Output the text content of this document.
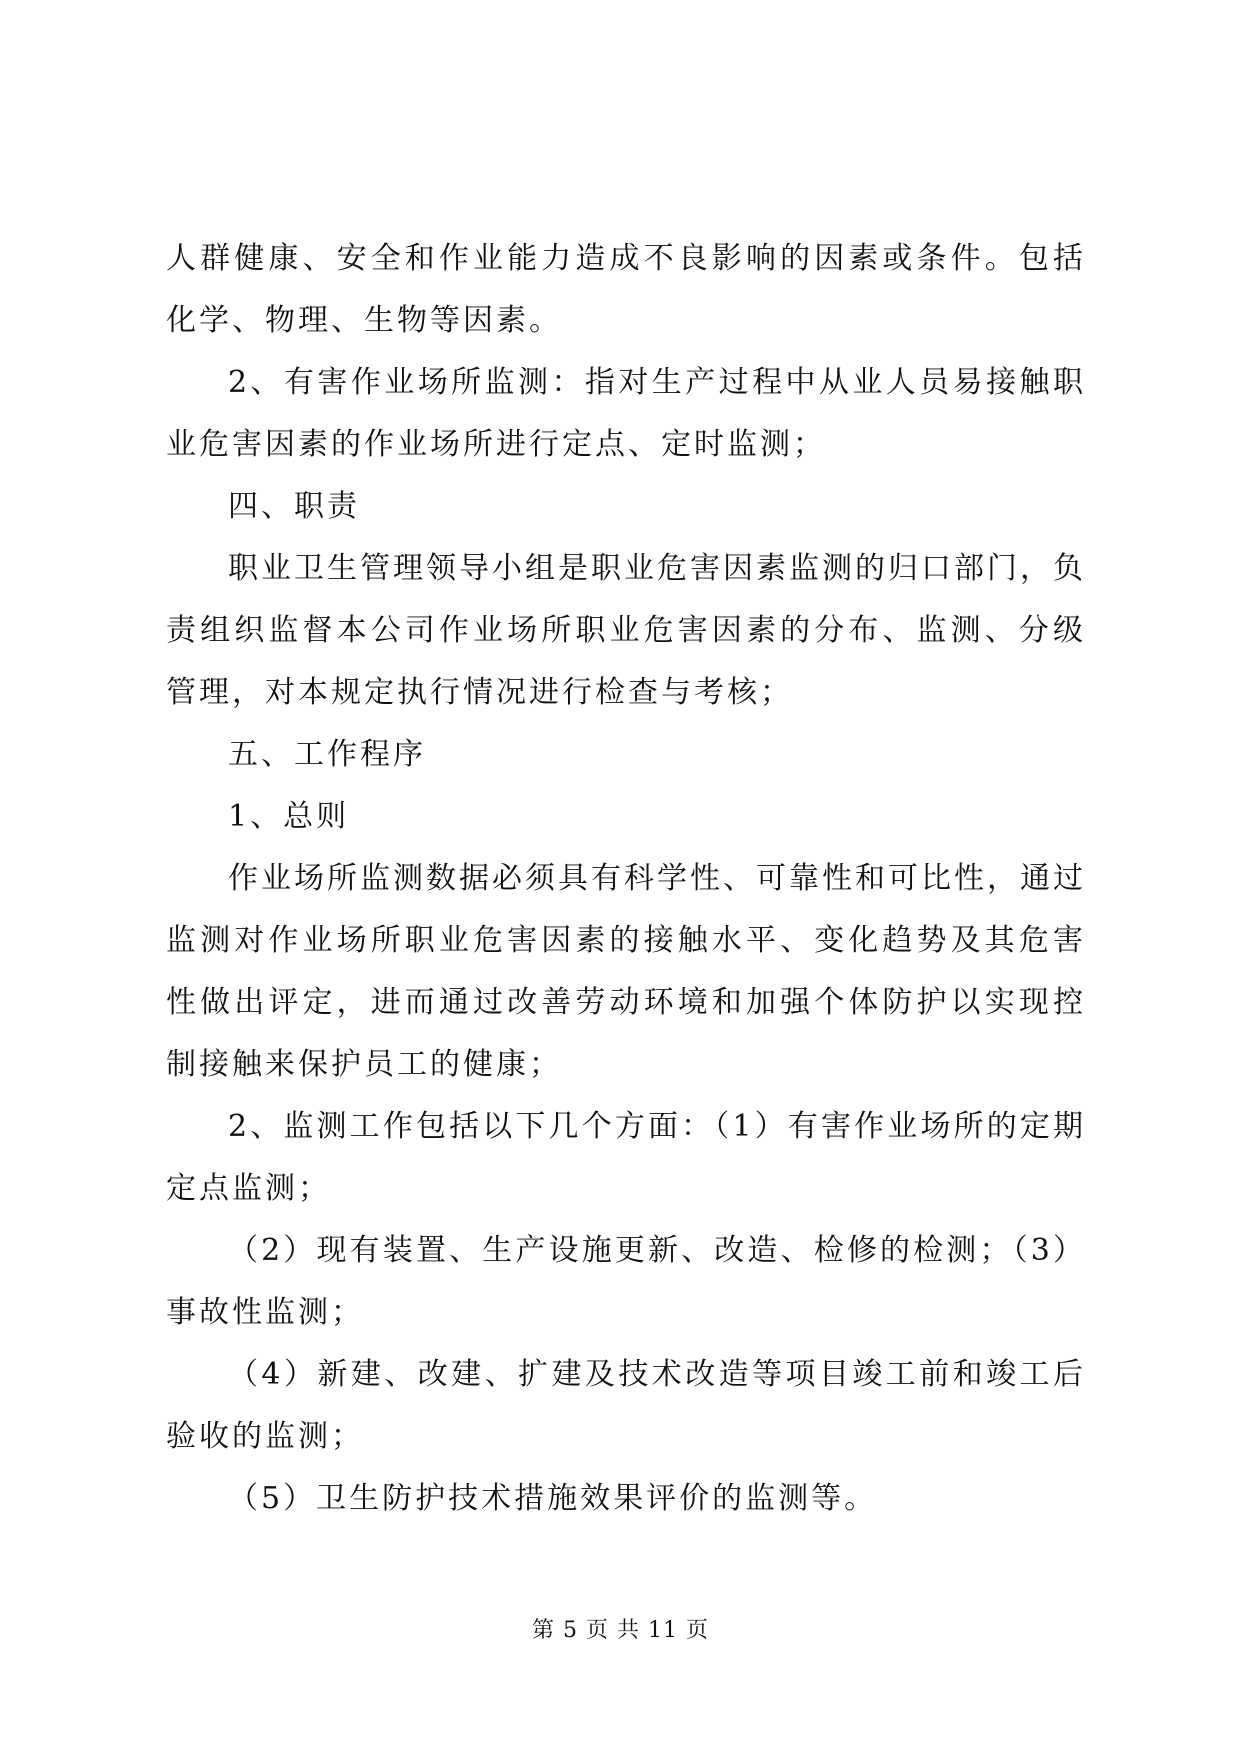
人群健康、安全和作业能力造成不良影响的因素或条件。包括化学、物理、生物等因素。

2、有害作业场所监测：指对生产过程中从业人员易接触职业危害因素的作业场所进行定点、定时监测；

四、职责

职业卫生管理领导小组是职业危害因素监测的归口部门，负责组织监督本公司作业场所职业危害因素的分布、监测、分级管理，对本规定执行情况进行检查与考核；

五、工作程序

1、总则

作业场所监测数据必须具有科学性、可靠性和可比性，通过监测对作业场所职业危害因素的接触水平、变化趋势及其危害性做出评定，进而通过改善劳动环境和加强个体防护以实现控制接触来保护员工的健康；

2、监测工作包括以下几个方面：（1）有害作业场所的定期定点监测；

（2）现有装置、生产设施更新、改造、检修的检测；（3）事故性监测；

（4）新建、改建、扩建及技术改造等项目竣工前和竣工后验收的监测；

（5）卫生防护技术措施效果评价的监测等。

第 5 页 共 11 页
